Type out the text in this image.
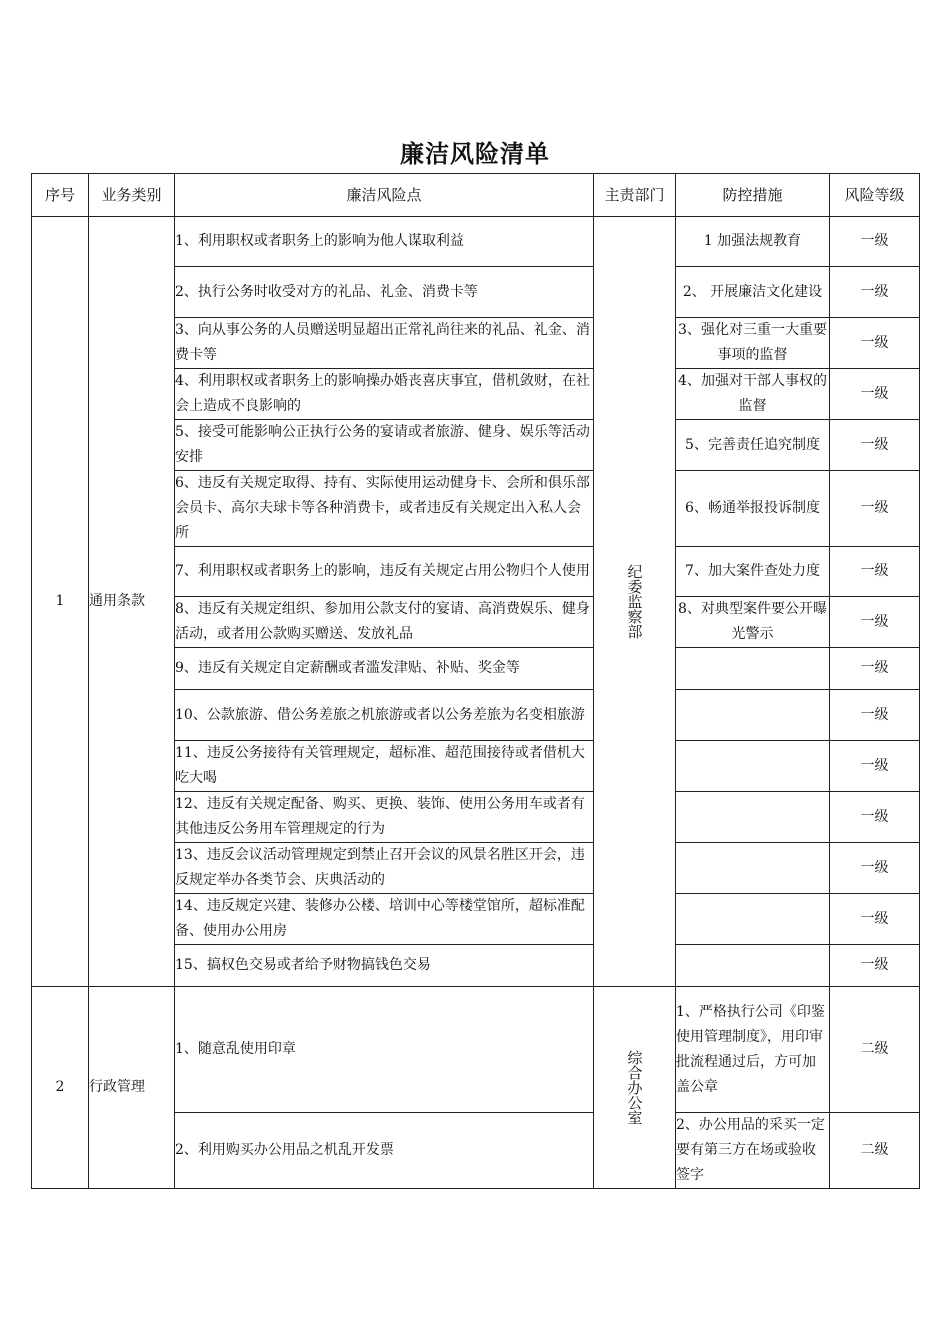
廉洁风险清单
序号	业务类别	廉洁风险点	主责部门	防控措施	风险等级
1	通用条款	1、利用职权或者职务上的影响为他人谋取利益	纪委监察部	1 加强法规教育	一级
		2、执行公务时收受对方的礼品、礼金、消费卡等		2、 开展廉洁文化建设	一级
		3、向从事公务的人员赠送明显超出正常礼尚往来的礼品、礼金、消费卡等		3、强化对三重一大重要事项的监督	一级
		4、利用职权或者职务上的影响操办婚丧喜庆事宜，借机敛财，在社会上造成不良影响的		4、加强对干部人事权的监督	一级
		5、接受可能影响公正执行公务的宴请或者旅游、健身、娱乐等活动安排		5、完善责任追究制度	一级
		6、违反有关规定取得、持有、实际使用运动健身卡、会所和俱乐部会员卡、高尔夫球卡等各种消费卡，或者违反有关规定出入私人会所		6、畅通举报投诉制度	一级
		7、利用职权或者职务上的影响，违反有关规定占用公物归个人使用		7、加大案件查处力度	一级
		8、违反有关规定组织、参加用公款支付的宴请、高消费娱乐、健身活动，或者用公款购买赠送、发放礼品		8、对典型案件要公开曝光警示	一级
		9、违反有关规定自定薪酬或者滥发津贴、补贴、奖金等			一级
		10、公款旅游、借公务差旅之机旅游或者以公务差旅为名变相旅游			一级
		11、违反公务接待有关管理规定，超标准、超范围接待或者借机大吃大喝			一级
		12、违反有关规定配备、购买、更换、装饰、使用公务用车或者有其他违反公务用车管理规定的行为			一级
		13、违反会议活动管理规定到禁止召开会议的风景名胜区开会，违反规定举办各类节会、庆典活动的			一级
		14、违反规定兴建、装修办公楼、培训中心等楼堂馆所，超标准配备、使用办公用房			一级
		15、搞权色交易或者给予财物搞钱色交易			一级
2	行政管理	1、随意乱使用印章	综合办公室	1、严格执行公司《印鉴使用管理制度》，用印审批流程通过后，方可加盖公章	二级
		2、利用购买办公用品之机乱开发票		2、办公用品的采买一定要有第三方在场或验收签字	二级
